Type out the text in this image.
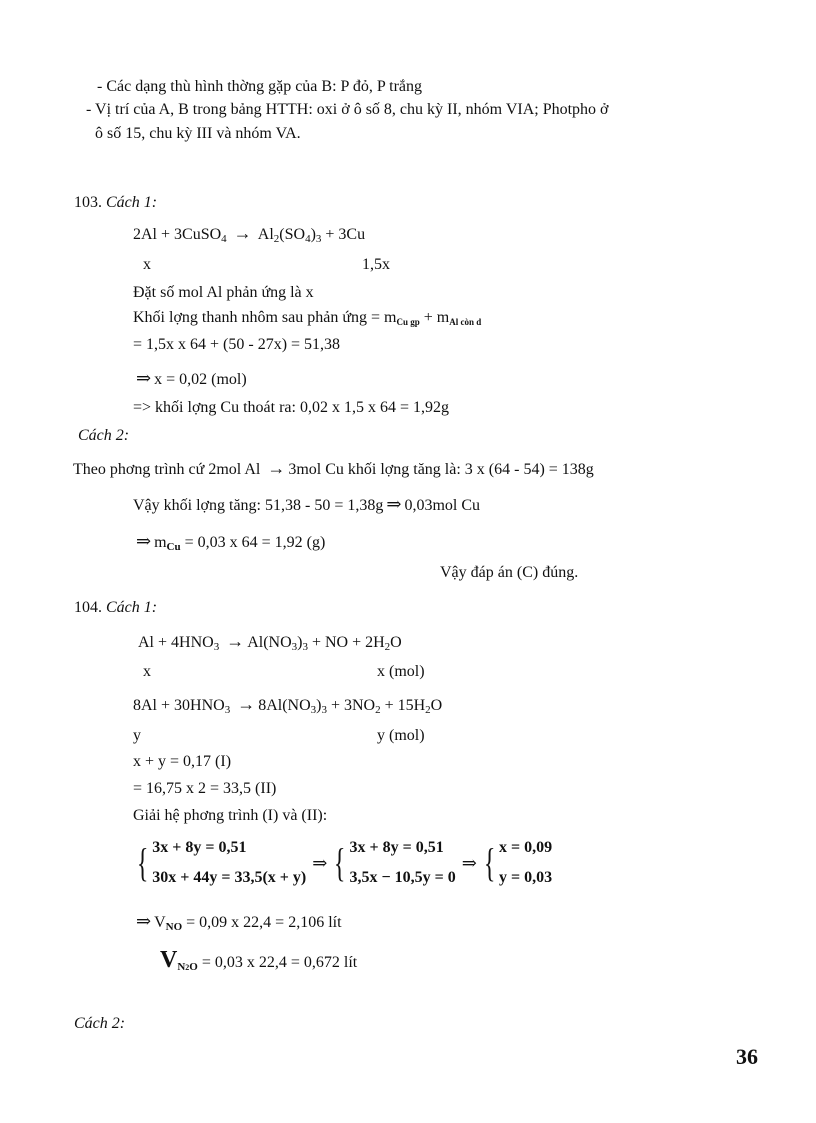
- Các dạng thù hình thờng gặp của B: P đỏ, P trắng
- Vị trí của A, B trong bảng HTTH: oxi ở ô số 8, chu kỳ II, nhóm VIA; Photpho ở
ô số 15, chu kỳ III và nhóm VA.
103. Cách 1:
2Al + 3CuSO$_4$ → $Al_2(SO_4)_3 + 3Cu$
x	1,5x
Đặt số mol Al phản ứng là x
Khối lợng thanh nhôm sau phản ứng = mCu gp + mAl còn d
= 1,5x x 64 + (50 - 27x) = 51,38
⇒ x = 0,02 (mol)
=> khối lợng Cu thoát ra: 0,02 x 1,5 x 64 = 1,92g
Cách 2:
Theo phơng trình cứ 2mol Al → 3mol Cu khối lợng tăng là: 3 x (64 - 54) = 138g
Vậy khối lợng tăng: 51,38 - 50 = 1,38g ⇒ 0,03mol Cu
⇒ $m_{Cu} = 0,03$ x 64 = 1,92 (g)
Vậy đáp án (C) đúng.
104. Cách 1:
$Al + 4HNO_3 \to Al(NO_3)_3$ + NO + $2H_2O$
x	x (mol)
$8Al + 30HNO_3 \to 8Al(NO_3)_3 + 3NO_2 + 15H_2O$
y	y (mol)
x + y = 0,17 (I)
= 16,75 x 2 = 33,5 (II)
Giải hệ phơng trình (I) và (II):
{ 3x + 8y = 0,51
30x + 44y = 33,5(x + y)
⇒ { 3x + 8y = 0,51
3,5x − 10,5y = 0
⇒ { x = 0,09
y = 0,03
⇒ $V_{NO} = 0,09$ x 22,4 = 2,106 lít
$V_{N2O} = 0,03$ x 22,4 = 0,672 lít
Cách 2:
36
